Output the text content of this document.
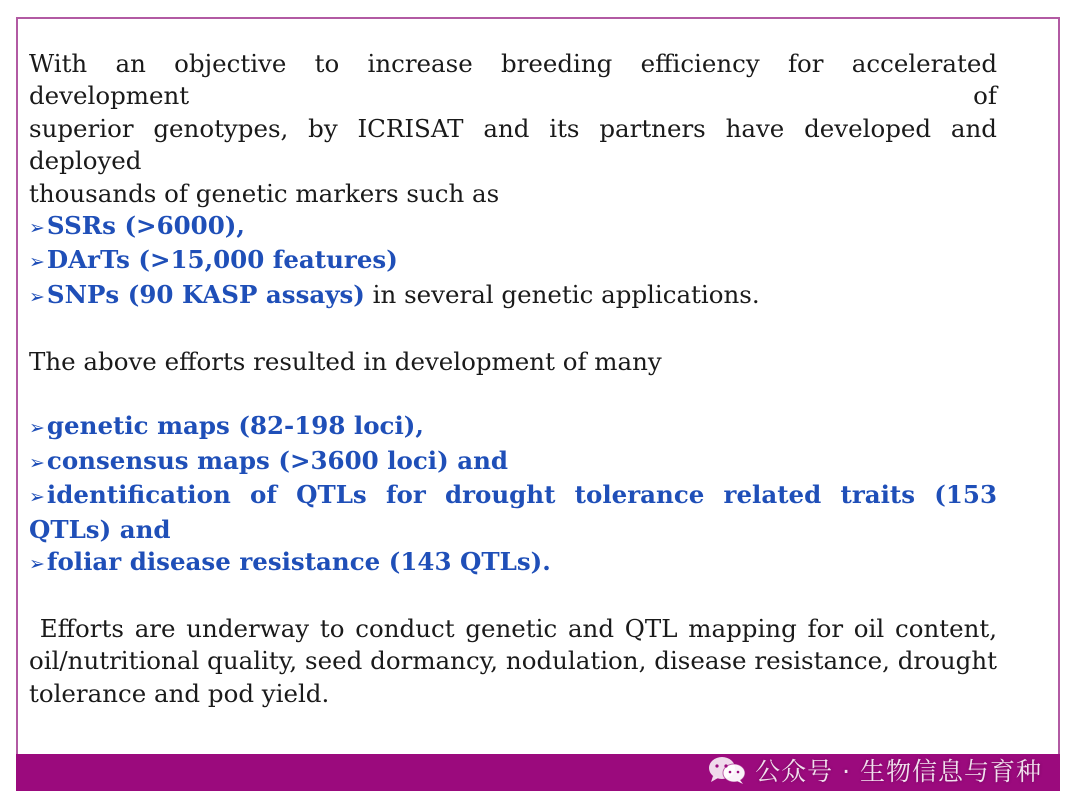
With an objective to increase breeding efficiency for accelerated development of
superior genotypes, by ICRISAT and its partners have developed and deployed
thousands of genetic markers such as
➢ SSRs (>6000),
➢ DArTs (>15,000 features)
➢ SNPs (90 KASP assays) in several genetic applications.
The above efforts resulted in development of many
➢ genetic maps (82-198 loci),
➢ consensus maps (>3600 loci) and
➢identification of QTLs for drought tolerance related traits (153
QTLs) and
➢ foliar disease resistance (143 QTLs).
Efforts are underway to conduct genetic and QTL mapping for oil content,
oil/nutritional quality, seed dormancy, nodulation, disease resistance, drought
tolerance and pod yield.
公众号 · 生物信息与育种
